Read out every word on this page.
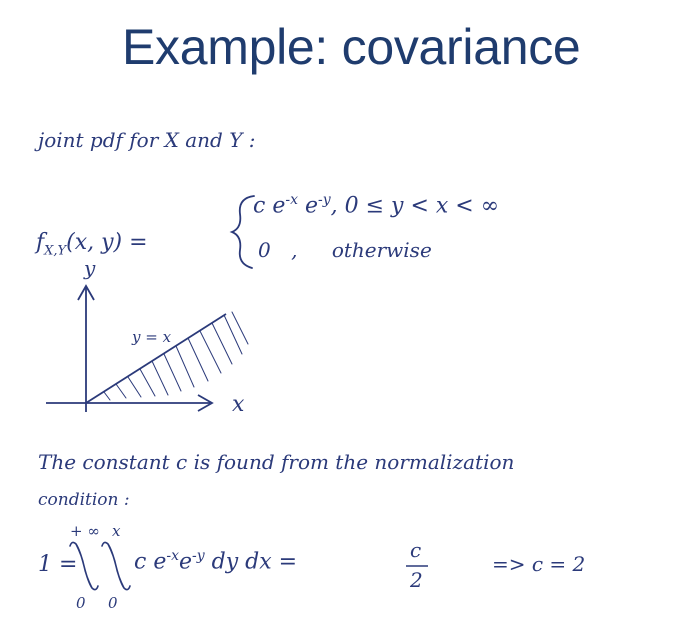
Example: covariance
joint pdf for X and Y :
$f_{X,Y}(x$, y) =
c $e^{-x}$ $e^{-y}$, 0 ≤ y < x < ∞
0 , otherwise
y
x
y = x
The constant c is found from the normalization
condition :
1 =
+ ∞
0
x
0
c $e^{-x}e^{-y}$ dy dx =	c
2
=> c = 2
